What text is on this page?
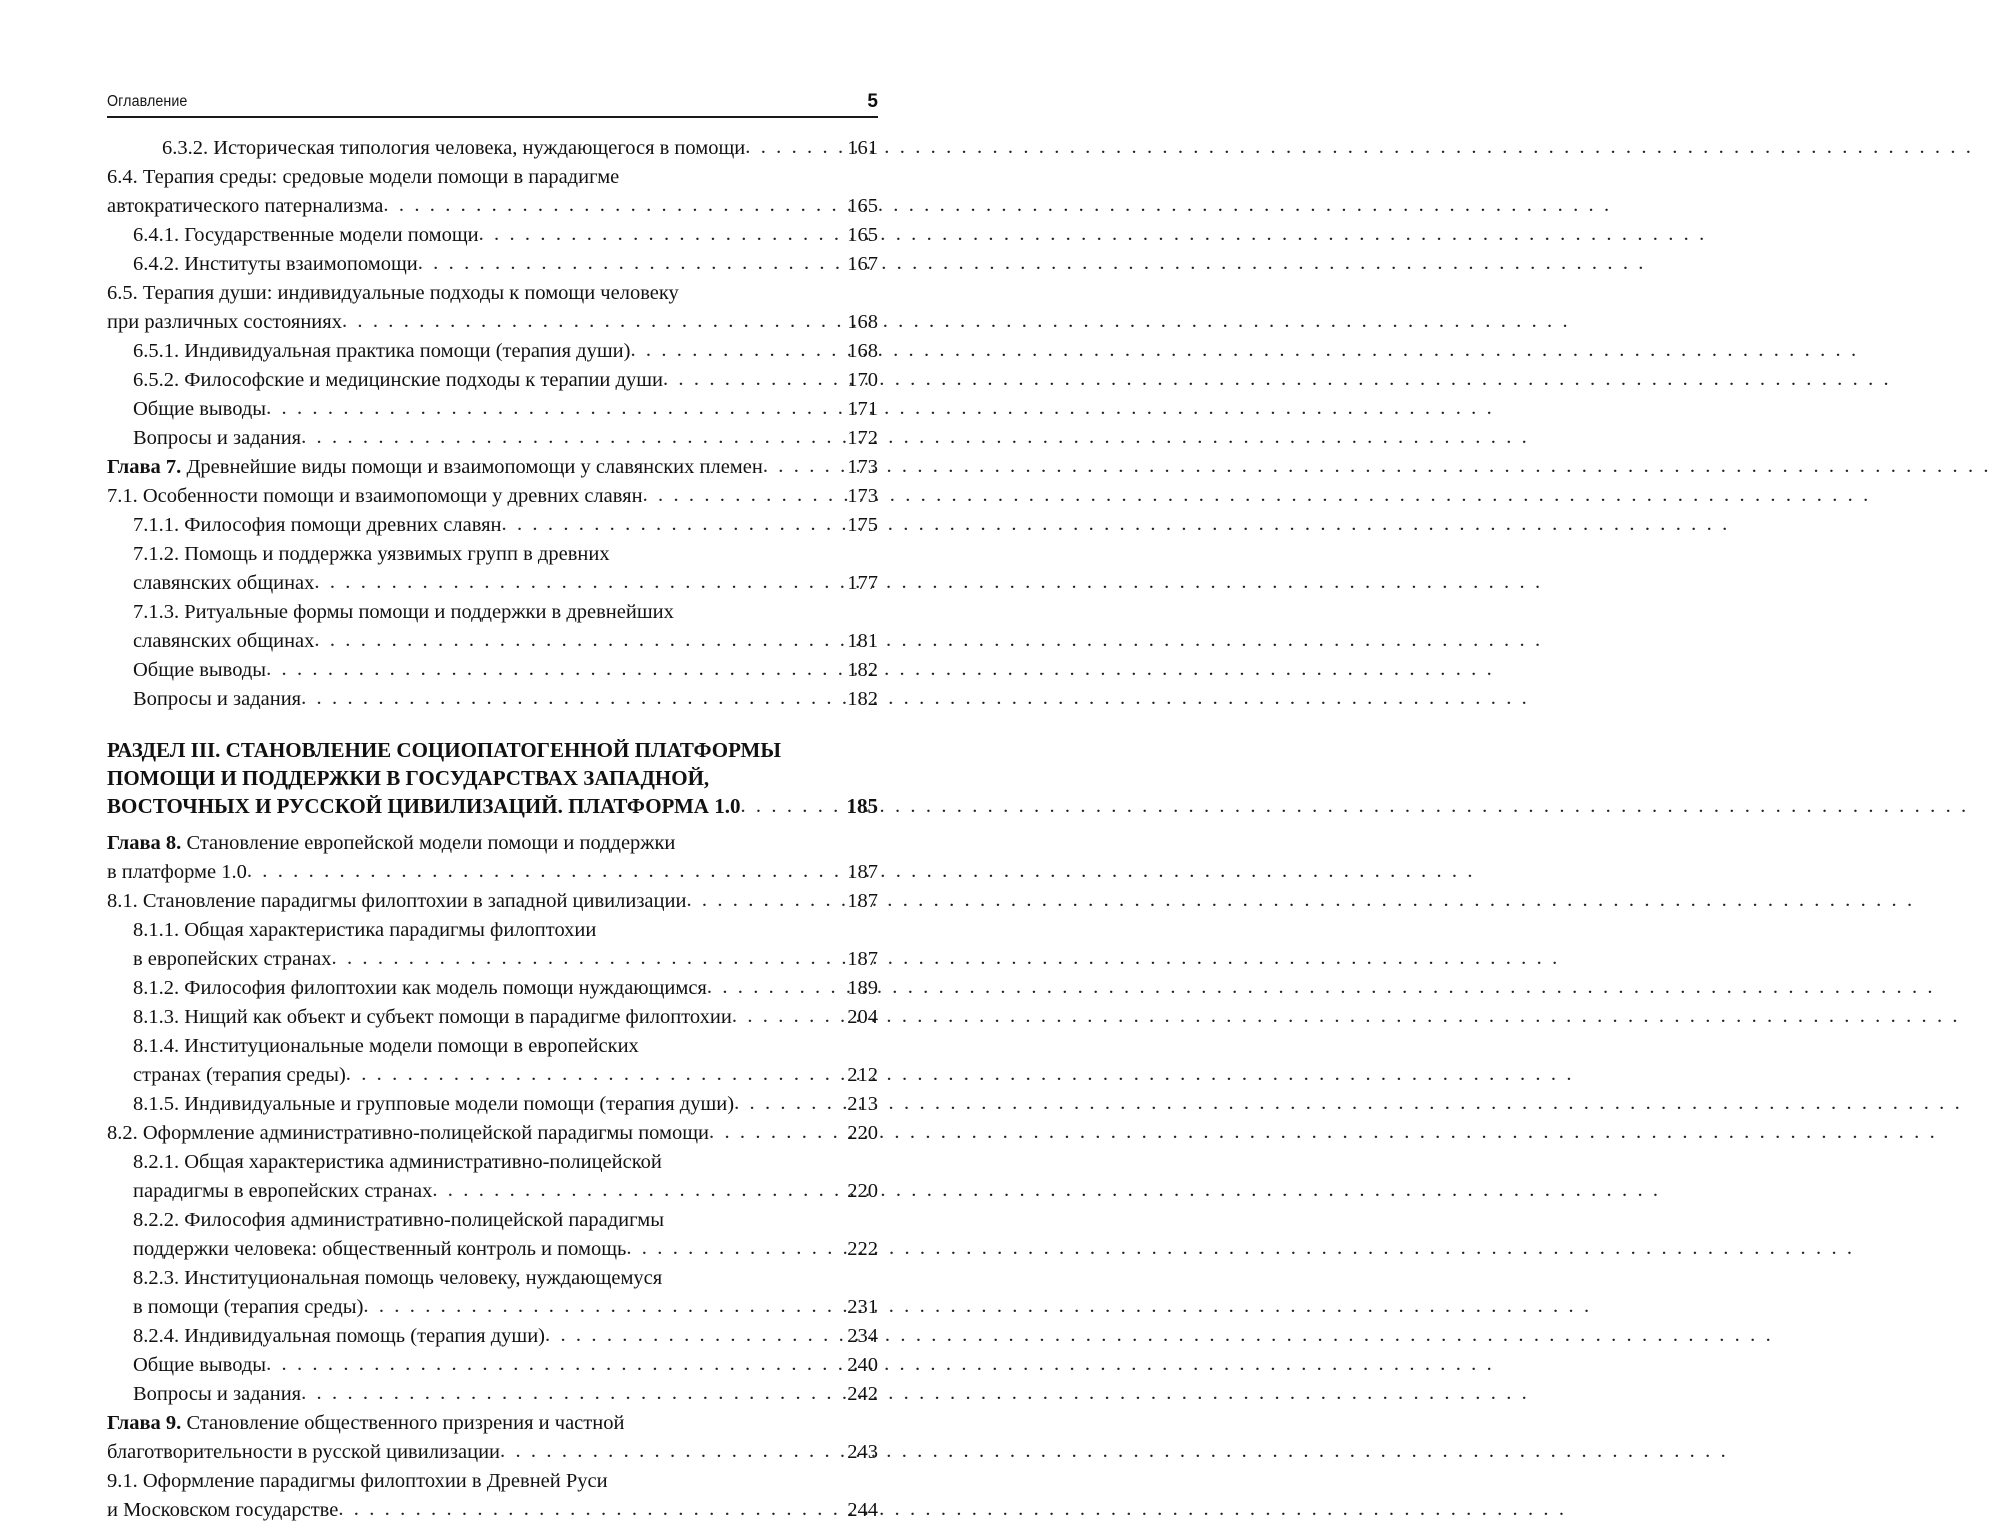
Оглавление	5
6.3.2. Историческая типология человека, нуждающегося в помощи . . .	161
6.4. Терапия среды: средовые модели помощи в парадигме
автократического патернализма . . .	165
6.4.1. Государственные модели помощи . . .	165
6.4.2. Институты взаимопомощи . . .	167
6.5. Терапия души: индивидуальные подходы к помощи человеку
при различных состояниях . . .	168
6.5.1. Индивидуальная практика помощи (терапия души) . . .	168
6.5.2. Философские и медицинские подходы к терапии души . . .	170
Общие выводы . . .	171
Вопросы и задания . . .	172
Глава 7. Древнейшие виды помощи и взаимопомощи у славянских племен . . .	173
7.1. Особенности помощи и взаимопомощи у древних славян . . .	173
7.1.1. Философия помощи древних славян . . .	175
7.1.2. Помощь и поддержка уязвимых групп в древних
славянских общинах . . .	177
7.1.3. Ритуальные формы помощи и поддержки в древнейших
славянских общинах . . .	181
Общие выводы . . .	182
Вопросы и задания . . .	182
РАЗДЕЛ III. СТАНОВЛЕНИЕ СОЦИОПАТОГЕННОЙ ПЛАТФОРМЫ
ПОМОЩИ И ПОДДЕРЖКИ В ГОСУДАРСТВАХ ЗАПАДНОЙ,
ВОСТОЧНЫХ И РУССКОЙ ЦИВИЛИЗАЦИЙ. ПЛАТФОРМА 1.0 . . .	185
Глава 8. Становление европейской модели помощи и поддержки
в платформе 1.0 . . .	187
8.1. Становление парадигмы филоптохии в западной цивилизации . . .	187
8.1.1. Общая характеристика парадигмы филоптохии
в европейских странах . . .	187
8.1.2. Философия филоптохии как модель помощи нуждающимся . . .	189
8.1.3. Нищий как объект и субъект помощи в парадигме филоптохии . . .	204
8.1.4. Институциональные модели помощи в европейских
странах (терапия среды) . . .	212
8.1.5. Индивидуальные и групповые модели помощи (терапия души) . . .	213
8.2. Оформление административно-полицейской парадигмы помощи . . .	220
8.2.1. Общая характеристика административно-полицейской
парадигмы в европейских странах . . .	220
8.2.2. Философия административно-полицейской парадигмы
поддержки человека: общественный контроль и помощь . . .	222
8.2.3. Институциональная помощь человеку, нуждающемуся
в помощи (терапия среды) . . .	231
8.2.4. Индивидуальная помощь (терапия души) . . .	234
Общие выводы . . .	240
Вопросы и задания . . .	242
Глава 9. Становление общественного призрения и частной
благотворительности в русской цивилизации . . .	243
9.1. Оформление парадигмы филоптохии в Древней Руси
и Московском государстве . . .	244
